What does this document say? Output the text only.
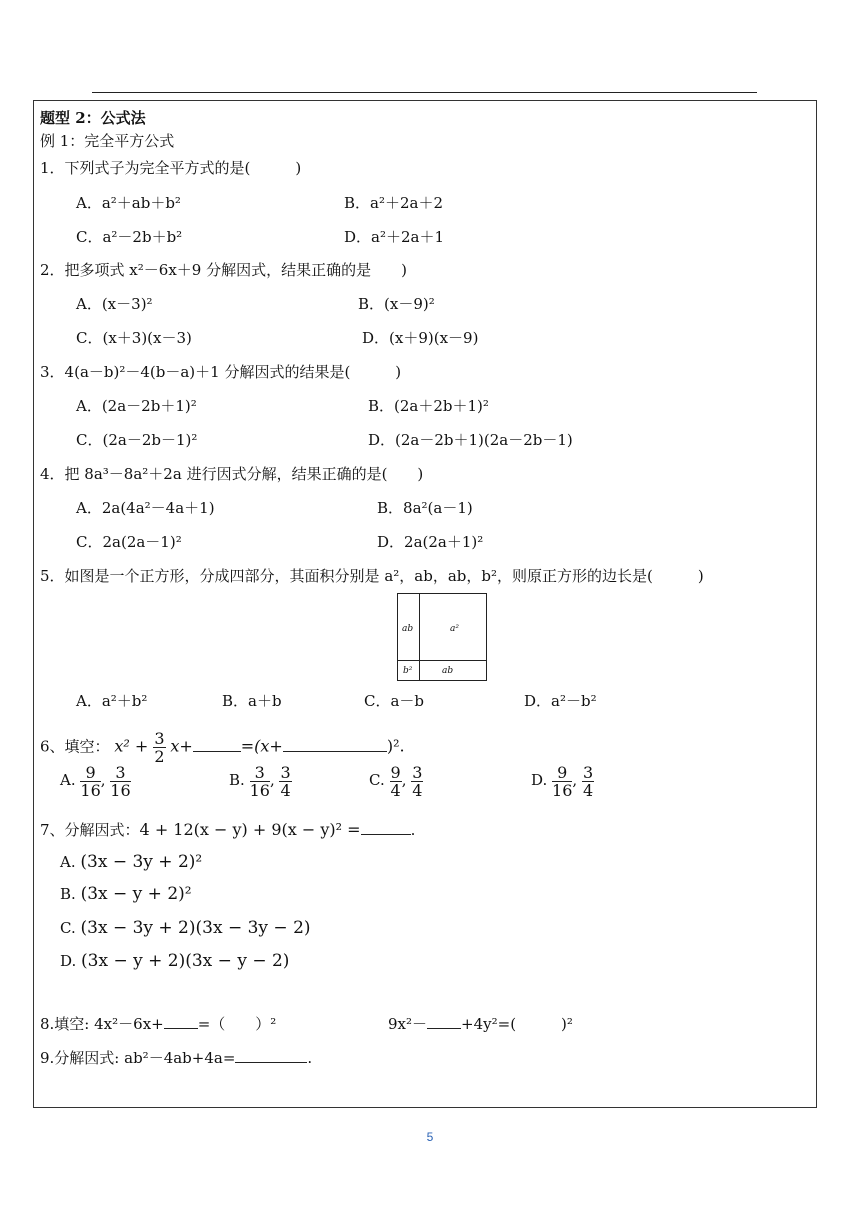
题型 2：公式法
例 1：完全平方公式
1．下列式子为完全平方式的是(　　　)
A．a²＋ab＋b²	B．a²＋2a＋2
C．a²－2b＋b²	D．a²＋2a＋1
2．把多项式 x²－6x＋9 分解因式，结果正确的是　　)
A．(x－3)²	B．(x－9)²
C．(x＋3)(x－3)	D．(x＋9)(x－9)
3．4(a－b)²－4(b－a)＋1 分解因式的结果是(　　　)
A．(2a－2b＋1)²	B．(2a＋2b＋1)²
C．(2a－2b－1)²	D．(2a－2b＋1)(2a－2b－1)
4．把 8a³－8a²＋2a 进行因式分解，结果正确的是(　　)
A．2a(4a²－4a＋1)	B．8a²(a－1)
C．2a(2a－1)²	D．2a(2a＋1)²
5．如图是一个正方形，分成四部分，其面积分别是 a²，ab，ab，b²，则原正方形的边长是(　　　)
ab	a²
b²	ab
A．a²＋b²	B．a＋b	C．a－b	D．a²－b²
6、填空： $x^2 + \frac{3}{2} x+$	=(x+	)².
A. $\frac{9}{16}$ , $\frac{3}{16}$	B. $\frac{3}{16}$ , $\frac{3}{4}$	C. $\frac{9}{4}$ , $\frac{3}{4}$	D. $\frac{9}{16}$ , $\frac{3}{4}$
7、分解因式：4 + 12(x − y) + 9(x − y)² =	.
A. (3x − 3y + 2)²
B. (3x − y + 2)²
C. (3x − 3y + 2)(3x − 3y − 2)
D. (3x − y + 2)(3x − y − 2)
8.填空: 4x²－6x+ =（　　）²	9x²－ +4y²=(　　　)²
9.分解因式: ab²－4ab+4a=	.
5
